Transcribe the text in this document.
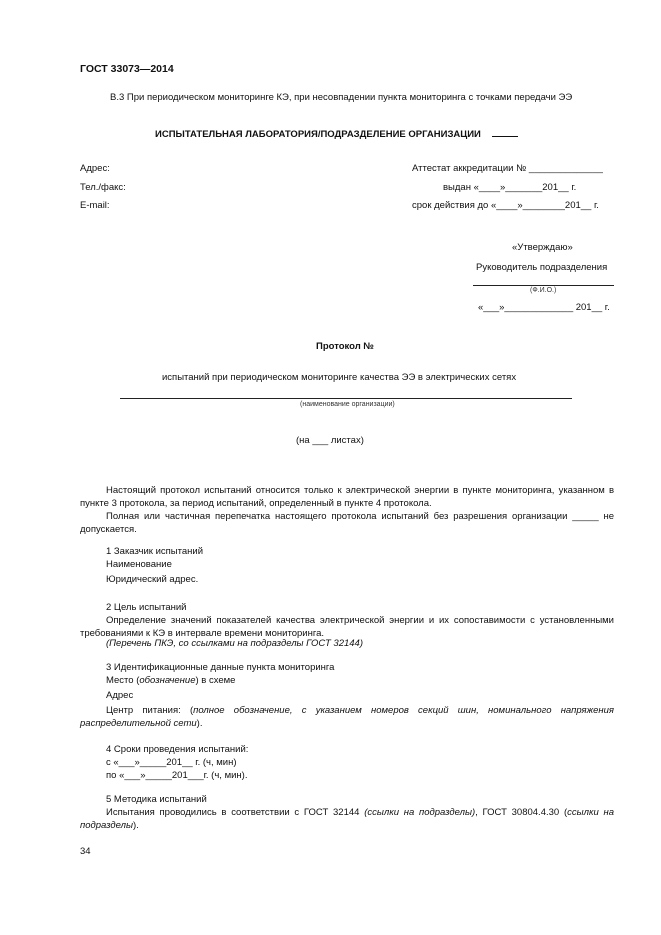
ГОСТ 33073—2014
В.3 При периодическом мониторинге КЭ, при несовпадении пункта мониторинга с точками передачи ЭЭ
ИСПЫТАТЕЛЬНАЯ ЛАБОРАТОРИЯ/ПОДРАЗДЕЛЕНИЕ ОРГАНИЗАЦИИ
Адрес:
Тел./факс:
E-mail:
Аттестат аккредитации № ______________
выдан «____»_______201__ г.
срок действия до «____»________201__ г.
«Утверждаю»
Руководитель подразделения
(Ф.И.О.)
«___»_____________ 201__ г.
Протокол №
испытаний при периодическом мониторинге качества ЭЭ в электрических сетях
(наименование организации)
(на ___ листах)
Настоящий протокол испытаний относится только к электрической энергии в пункте мониторинга, указанном в пункте 3 протокола, за период испытаний, определенный в пункте 4 протокола.
Полная или частичная перепечатка настоящего протокола испытаний без разрешения организации _____ не допускается.
1 Заказчик испытаний
Наименование
Юридический адрес.
2 Цель испытаний
Определение значений показателей качества электрической энергии и их сопоставимости с установленными требованиями к КЭ в интервале времени мониторинга.
(Перечень ПКЭ, со ссылками на подразделы ГОСТ 32144)
3 Идентификационные данные пункта мониторинга
Место (обозначение) в схеме
Адрес
Центр питания: (полное обозначение, с указанием номеров секций шин, номинального напряжения распределительной сети).
4 Сроки проведения испытаний:
с «___»_____201__ г. (ч, мин)
по «___»_____201___г. (ч, мин).
5 Методика испытаний
Испытания проводились в соответствии с ГОСТ 32144 (ссылки на подразделы), ГОСТ 30804.4.30 (ссылки на подразделы).
34
